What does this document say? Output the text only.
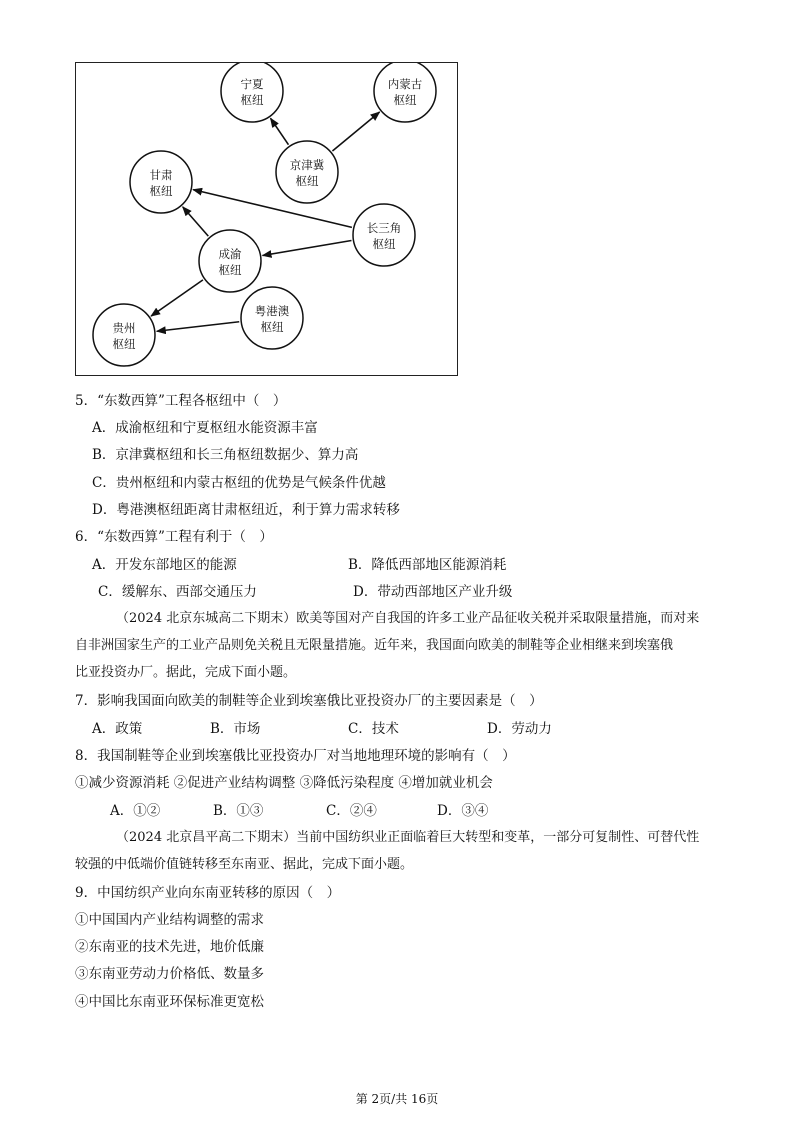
宁夏
枢纽
内蒙古
枢纽
京津冀
枢纽
甘肃
枢纽
长三角
枢纽
成渝
枢纽
粤港澳
枢纽
贵州
枢纽
5．“东数西算”工程各枢纽中（　）
A．成渝枢纽和宁夏枢纽水能资源丰富
B．京津冀枢纽和长三角枢纽数据少、算力高
C．贵州枢纽和内蒙古枢纽的优势是气候条件优越
D．粤港澳枢纽距离甘肃枢纽近，利于算力需求转移
6．“东数西算”工程有利于（　）
A．开发东部地区的能源	B．降低西部地区能源消耗
C．缓解东、西部交通压力	D．带动西部地区产业升级
（2024 北京东城高二下期末）欧美等国对产自我国的许多工业产品征收关税并采取限量措施，而对来
自非洲国家生产的工业产品则免关税且无限量措施。近年来，我国面向欧美的制鞋等企业相继来到埃塞俄
比亚投资办厂。据此，完成下面小题。
7．影响我国面向欧美的制鞋等企业到埃塞俄比亚投资办厂的主要因素是（　）
A．政策	B．市场	C．技术	D．劳动力
8．我国制鞋等企业到埃塞俄比亚投资办厂对当地地理环境的影响有（　）
①减少资源消耗 ②促进产业结构调整 ③降低污染程度 ④增加就业机会
A．①②	B．①③	C．②④	D．③④
（2024 北京昌平高二下期末）当前中国纺织业正面临着巨大转型和变革，一部分可复制性、可替代性
较强的中低端价值链转移至东南亚、据此，完成下面小题。
9．中国纺织产业向东南亚转移的原因（　）
①中国国内产业结构调整的需求
②东南亚的技术先进，地价低廉
③东南亚劳动力价格低、数量多
④中国比东南亚环保标准更宽松
第 2页/共 16页
